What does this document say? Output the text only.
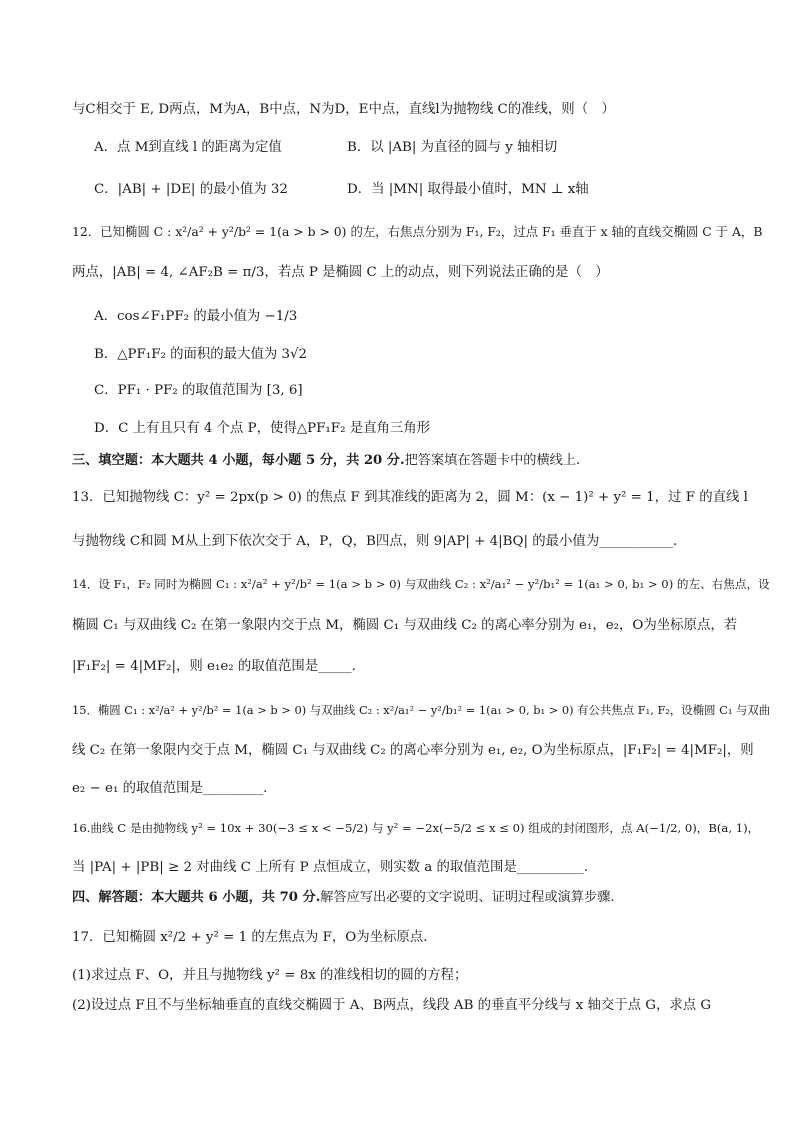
与C相交于 E, D两点，M为A，B中点，N为D，E中点，直线l为抛物线 C的准线，则（　）
A．点 M到直线 l 的距离为定值	B．以 |AB| 为直径的圆与 y 轴相切
C．|AB| + |DE| 的最小值为 32	D．当 |MN| 取得最小值时，MN ⊥ x轴
12．已知椭圆 C : x²/a² + y²/b² = 1(a > b > 0) 的左，右焦点分别为 F₁, F₂，过点 F₁ 垂直于 x 轴的直线交椭圆 C 于 A，B
两点，|AB| = 4, ∠AF₂B = π/3，若点 P 是椭圆 C 上的动点，则下列说法正确的是（　）
A．cos∠F₁PF₂ 的最小值为 −1/3
B．△PF₁F₂ 的面积的最大值为 3√2
C．PF₁ · PF₂ 的取值范围为 [3, 6]
D．C 上有且只有 4 个点 P，使得△PF₁F₂ 是直角三角形
三、填空题：本大题共 4 小题，每小题 5 分，共 20 分.把答案填在答题卡中的横线上.
13．已知抛物线 C：y² = 2px(p > 0) 的焦点 F 到其准线的距离为 2，圆 M：(x − 1)² + y² = 1，过 F 的直线 l
与抛物线 C和圆 M从上到下依次交于 A，P，Q，B四点，则 9|AP| + 4|BQ| 的最小值为___________.
14．设 F₁，F₂ 同时为椭圆 C₁ : x²/a² + y²/b² = 1(a > b > 0) 与双曲线 C₂ : x²/a₁² − y²/b₁² = 1(a₁ > 0, b₁ > 0) 的左、右焦点，设
椭圆 C₁ 与双曲线 C₂ 在第一象限内交于点 M，椭圆 C₁ 与双曲线 C₂ 的离心率分别为 e₁，e₂，O为坐标原点，若
|F₁F₂| = 4|MF₂|，则 e₁e₂ 的取值范围是_____.
15．椭圆 C₁ : x²/a² + y²/b² = 1(a > b > 0) 与双曲线 C₂ : x²/a₁² − y²/b₁² = 1(a₁ > 0, b₁ > 0) 有公共焦点 F₁, F₂，设椭圆 C₁ 与双曲
线 C₂ 在第一象限内交于点 M，椭圆 C₁ 与双曲线 C₂ 的离心率分别为 e₁, e₂, O为坐标原点，|F₁F₂| = 4|MF₂|，则
e₂ − e₁ 的取值范围是_________.
16.曲线 C 是由抛物线 y² = 10x + 30(−3 ≤ x < −5/2) 与 y² = −2x(−5/2 ≤ x ≤ 0) 组成的封闭图形，点 A(−1/2, 0)，B(a, 1)，
当 |PA| + |PB| ≥ 2 对曲线 C 上所有 P 点恒成立，则实数 a 的取值范围是__________.
四、解答题：本大题共 6 小题，共 70 分.解答应写出必要的文字说明、证明过程或演算步骤.
17．已知椭圆 x²/2 + y² = 1 的左焦点为 F，O为坐标原点.
(1)求过点 F、O，并且与抛物线 y² = 8x 的准线相切的圆的方程；
(2)设过点 F且不与坐标轴垂直的直线交椭圆于 A、B两点，线段 AB 的垂直平分线与 x 轴交于点 G，求点 G
